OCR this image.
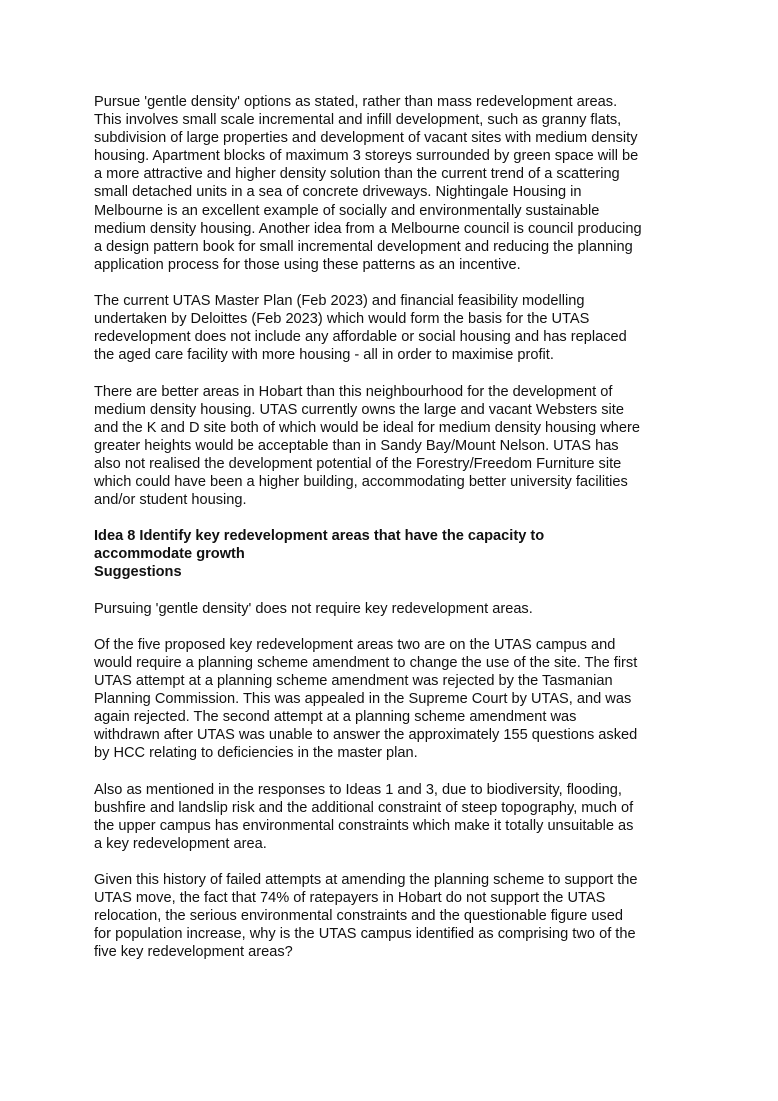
Pursue 'gentle density' options as stated, rather than mass redevelopment areas.
This involves small scale incremental and infill development, such as granny flats,
subdivision of large properties and development of vacant sites with medium density
housing. Apartment blocks of maximum 3 storeys surrounded by green space will be
a more attractive and higher density solution than the current trend of a scattering
small detached units in a sea of concrete driveways. Nightingale Housing in
Melbourne is an excellent example of socially and environmentally sustainable
medium density housing. Another idea from a Melbourne council is council producing
a design pattern book for small incremental development and reducing the planning
application process for those using these patterns as an incentive.

The current UTAS Master Plan (Feb 2023) and financial feasibility modelling
undertaken by Deloittes (Feb 2023) which would form the basis for the UTAS
redevelopment does not include any affordable or social housing and has replaced
the aged care facility with more housing - all in order to maximise profit.

There are better areas in Hobart than this neighbourhood for the development of
medium density housing. UTAS currently owns the large and vacant Websters site
and the K and D site both of which would be ideal for medium density housing where
greater heights would be acceptable than in Sandy Bay/Mount Nelson. UTAS has
also not realised the development potential of the Forestry/Freedom Furniture site
which could have been a higher building, accommodating better university facilities
and/or student housing.

Idea 8 Identify key redevelopment areas that have the capacity to
accommodate growth
Suggestions

Pursuing 'gentle density' does not require key redevelopment areas.

Of the five proposed key redevelopment areas two are on the UTAS campus and
would require a planning scheme amendment to change the use of the site. The first
UTAS attempt at a planning scheme amendment was rejected by the Tasmanian
Planning Commission. This was appealed in the Supreme Court by UTAS, and was
again rejected. The second attempt at a planning scheme amendment was
withdrawn after UTAS was unable to answer the approximately 155 questions asked
by HCC relating to deficiencies in the master plan.

Also as mentioned in the responses to Ideas 1 and 3, due to biodiversity, flooding,
bushfire and landslip risk and the additional constraint of steep topography, much of
the upper campus has environmental constraints which make it totally unsuitable as
a key redevelopment area.

Given this history of failed attempts at amending the planning scheme to support the
UTAS move, the fact that 74% of ratepayers in Hobart do not support the UTAS
relocation, the serious environmental constraints and the questionable figure used
for population increase, why is the UTAS campus identified as comprising two of the
five key redevelopment areas?
